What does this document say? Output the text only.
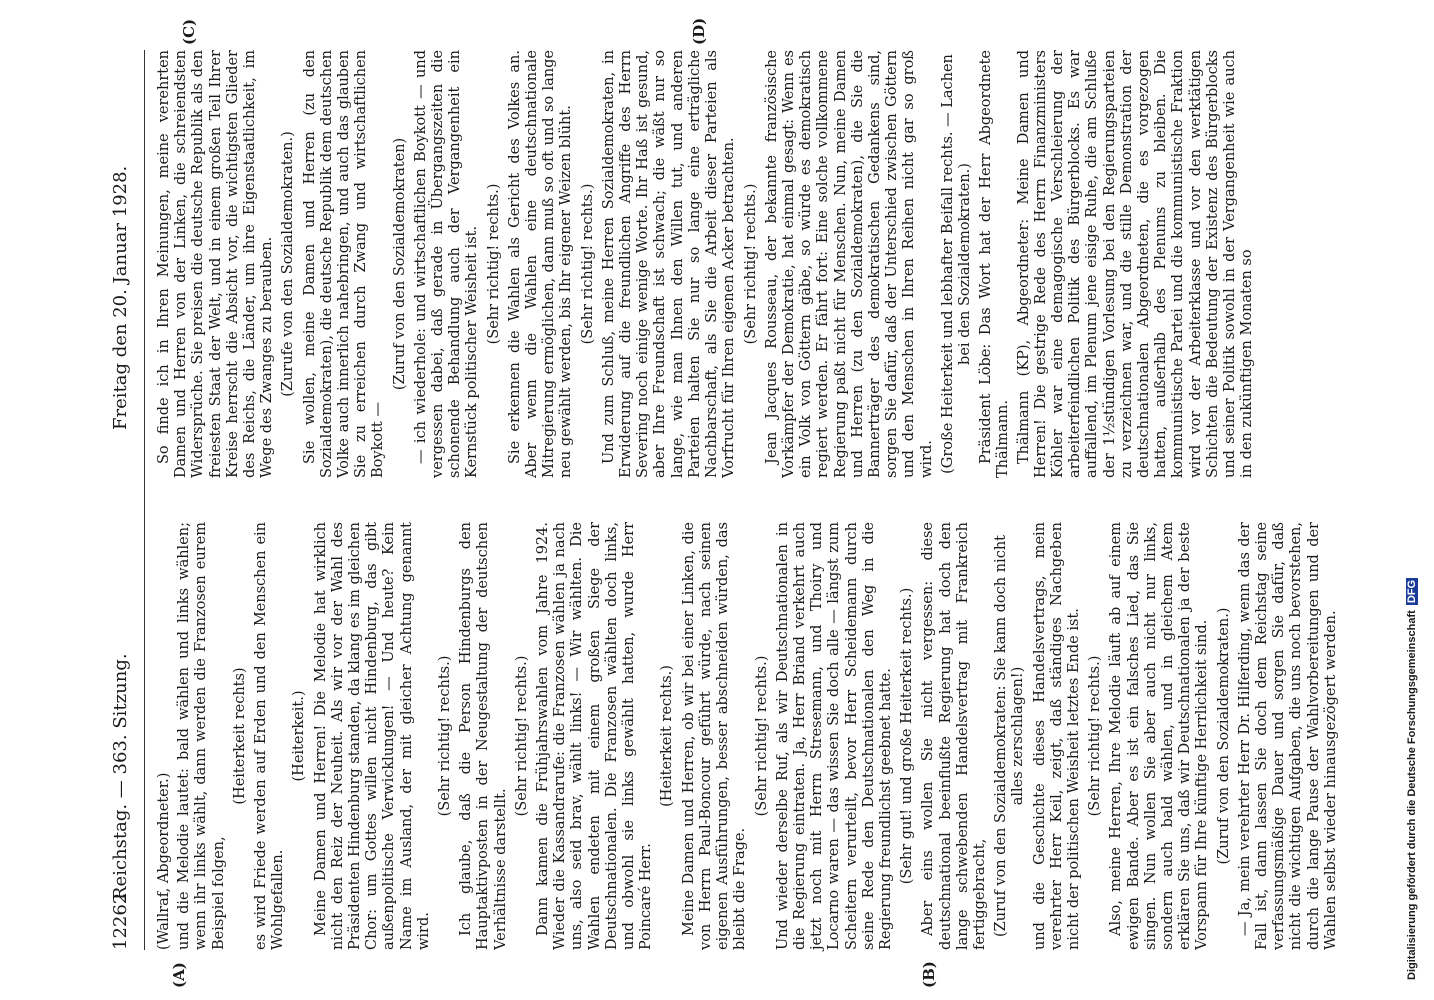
12262
Reichstag. — 363. Sitzung.
Freitag den 20. Januar 1928.
(A)	(B)
(C)	(D)

(Wallraf, Abgeordneter.) und die Melodie lautet: bald wählen und links wählen; wenn ihr links wählt, dann werden die Franzosen eurem Beispiel folgen,

(Heiterkeit rechts) es wird Friede werden auf Erden und den Menschen ein Wohlgefallen.

(Heiterkeit.) Meine Damen und Herren! Die Melodie hat wirklich nicht den Reiz der Neuheit. Als wir vor der Wahl des Präsidenten Hindenburg standen, da klang es im gleichen Chor: um Gottes willen nicht Hindenburg, das gibt außenpolitische Verwicklungen! — Und heute? Kein Name im Ausland, der mit gleicher Achtung genannt wird.

(Sehr richtig! rechts.) Ich glaube, daß die Person Hindenburgs den Hauptaktivposten in der Neugestaltung der deutschen Verhältnisse darstellt.

(Sehr richtig! rechts.) Dann kamen die Frühjahrswahlen vom Jahre 1924. Wieder die Kassandrarufe: die Franzosen wählen ja nach uns, also seid brav, wählt links! — Wir wählten. Die Wahlen endeten mit einem großen Siege der Deutschnationalen. Die Franzosen wählten doch links, und obwohl sie links gewählt hatten, wurde Herr Poincaré Herr.

(Heiterkeit rechts.) Meine Damen und Herren, ob wir bei einer Linken, die von Herrn Paul-Boncour geführt würde, nach seinen eigenen Ausführungen, besser abschneiden würden, das bleibt die Frage.

(Sehr richtig! rechts.) Und wieder derselbe Ruf, als wir Deutschnationalen in die Regierung eintraten. Ja, Herr Briand verkehrt auch jetzt noch mit Herrn Stresemann, und Thoiry und Locarno waren — das wissen Sie doch alle — längst zum Scheitern verurteilt, bevor Herr Scheidemann durch seine Rede den Deutschnationalen den Weg in die Regierung freundlichst geebnet hatte. (Sehr gut! und große Heiterkeit rechts.) Aber eins wollen Sie nicht vergessen: diese deutschnational beeinflußte Regierung hat doch den lange schwebenden Handelsvertrag mit Frankreich fertiggebracht, (Zuruf von den Sozialdemokraten: Sie kann doch nicht alles zerschlagen!) und die Geschichte dieses Handelsvertrags, mein verehrter Herr Keil, zeigt, daß ständiges Nachgeben nicht der politischen Weisheit letztes Ende ist. (Sehr richtig! rechts.) Also, meine Herren, Ihre Melodie läuft ab auf einem ewigen Bande. Aber es ist ein falsches Lied, das Sie singen. Nun wollen Sie aber auch nicht nur links, sondern auch bald wählen, und in gleichem Atem erklären Sie uns, daß wir Deutschnationalen ja der beste Vorspann für Ihre künftige Herrlichkeit sind. (Zuruf von den Sozialdemokraten.) — Ja, mein verehrter Herr Dr. Hilferding, wenn das der Fall ist, dann lassen Sie doch dem Reichstag seine verfassungsmäßige Dauer und sorgen Sie dafür, daß nicht die wichtigen Aufgaben, die uns noch bevorstehen, durch die lange Pause der Wahlvorbereitungen und der Wahlen selbst wieder hinausgezögert werden.

So finde ich in Ihren Meinungen, meine verehrten Damen und Herren von der Linken, die schreiendsten Widersprüche. Sie preisen die deutsche Republik als den freiesten Staat der Welt, und in einem großen Teil Ihrer Kreise herrscht die Absicht vor, die wichtigsten Glieder des Reichs, die Länder, um ihre Eigenstaatlichkeit, im Wege des Zwanges zu berauben. (Zurufe von den Sozialdemokraten.) Sie wollen, meine Damen und Herren (zu den Sozialdemokraten), die deutsche Republik dem deutschen Volke auch innerlich nahebringen, und auch das glauben Sie zu erreichen durch Zwang und wirtschaftlichen Boykott —

(Zuruf von den Sozialdemokraten) — ich wiederhole: und wirtschaftlichen Boykott — und vergessen dabei, daß gerade in Übergangszeiten die schonende Behandlung auch der Vergangenheit ein Kernstück politischer Weisheit ist. (Sehr richtig! rechts.) Sie erkennen die Wahlen als Gericht des Volkes an. Aber wenn die Wahlen eine deutschnationale Mitregierung ermöglichen, dann muß so oft und so lange neu gewählt werden, bis Ihr eigener Weizen blüht. (Sehr richtig! rechts.) Und zum Schluß, meine Herren Sozialdemokraten, in Erwiderung auf die freundlichen Angriffe des Herrn Severing noch einige wenige Worte. Ihr Haß ist gesund, aber Ihre Freundschaft ist schwach; die wäßt nur so lange, wie man Ihnen den Willen tut, und anderen Parteien halten Sie nur so lange eine erträgliche Nachbarschaft, als Sie die Arbeit dieser Parteien als Vorfrucht für Ihren eigenen Acker betrachten. (Sehr richtig! rechts.) Jean Jacques Rousseau, der bekannte französische Vorkämpfer der Demokratie, hat einmal gesagt: Wenn es ein Volk von Göttern gäbe, so würde es demokratisch regiert werden. Er fährt fort: Eine solche vollkommene Regierung paßt nicht für Menschen. Nun, meine Damen und Herren (zu den Sozialdemokraten), die Sie die Bannerträger des demokratischen Gedankens sind, sorgen Sie dafür, daß der Unterschied zwischen Göttern und den Menschen in Ihren Reihen nicht gar so groß wird. (Große Heiterkeit und lebhafter Beifall rechts. — Lachen bei den Sozialdemokraten.) Präsident Löbe: Das Wort hat der Herr Abgeordnete Thälmann. Thälmann (KP), Abgeordneter: Meine Damen und Herren! Die gestrige Rede des Herrn Finanzministers Köhler war eine demagogische Verschleierung der arbeiterfeindlichen Politik des Bürgerblocks. Es war auffallend, im Plenum jene eisige Ruhe, die am Schluße der 1½stündigen Vorlesung bei den Regierungsparteien zu verzeichnen war, und die stille Demonstration der deutschnationalen Abgeordneten, die es vorgezogen hatten, außerhalb des Plenums zu bleiben. Die kommunistische Partei und die kommunistische Fraktion wird vor der Arbeiterklasse und vor den werktätigen Schichten die Bedeutung der Existenz des Bürgerblocks und seiner Politik sowohl in der Vergangenheit wie auch in den zukünftigen Monaten so

Digitalisierung gefördert durch die Deutsche Forschungsgemeinschaft DFG
